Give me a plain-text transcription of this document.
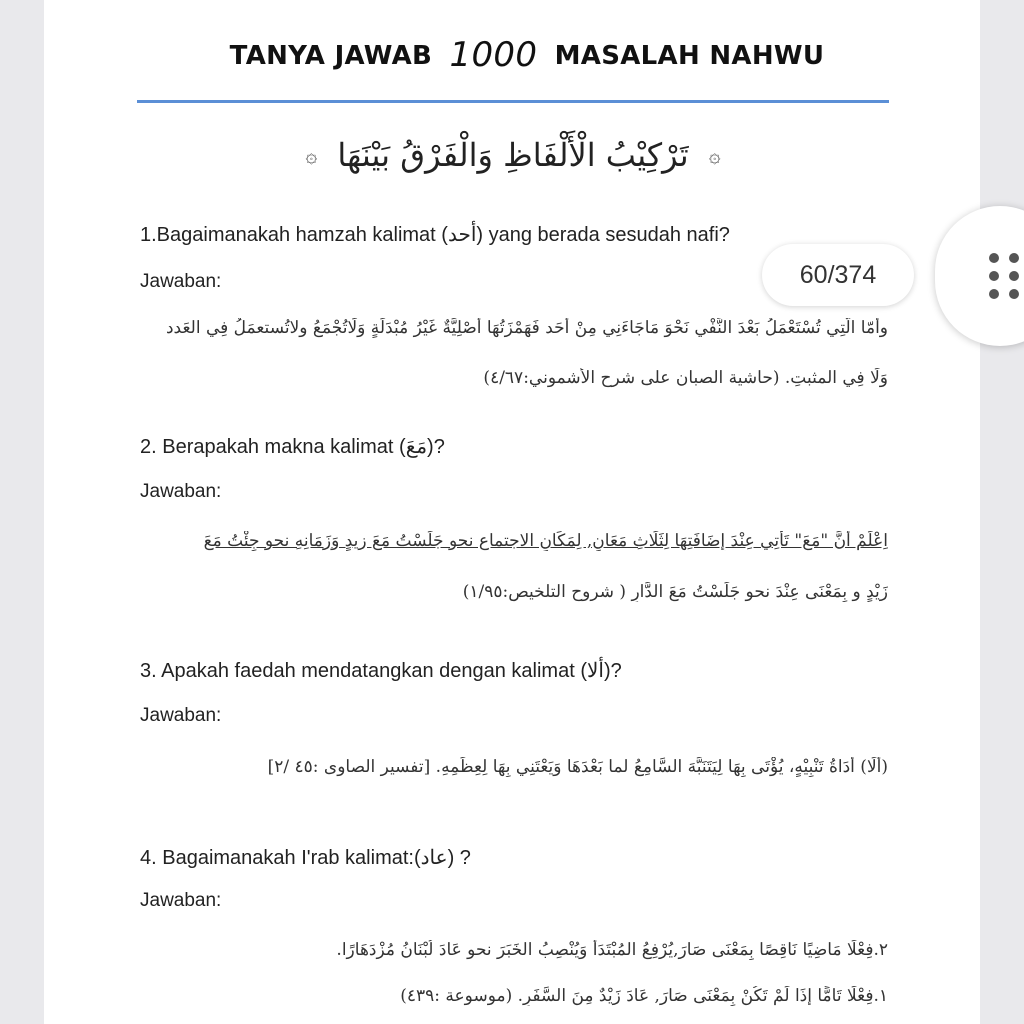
TANYA JAWAB 1000 MASALAH NAHWU
۞ تَرْكِيْبُ الْأَلْفَاظِ وَالْفَرْقُ بَيْنَهَا ۞
1.Bagaimanakah hamzah kalimat (أحد) yang berada sesudah nafi?
Jawaban:
وأمّا الّتِي تُسْتَعْمَلُ بَعْدَ النَّفْي نَحْوَ مَاجَاءَنِي مِنْ أَحَد فَهَمْزَتُهَا أَصْلِيَّةٌ غَيْرُ مُبْدَلَةٍ وَلَاتُجْمَعُ ولاتُستعمَلُ فِي العَدد
وَلَا فِي المثبتِ. (حاشية الصبان على شرح الأشموني:٤/٦٧)
2. Berapakah makna kalimat (مَعَ)?
Jawaban:
اِعْلَمْ أَنَّ "مَعَ" تَأْتِي عِنْدَ إِضَافَتِهَا لِثَلَاثِ مَعَانٍ, لِمَكَانِ الاجتماعِ نحو جَلَسْتُ مَعَ زيدٍ وَزَمَانِهِ نحو جِئْتُ مَعَ
زَيْدٍ و بِمَعْنَى عِنْدَ نحو جَلَسْتُ مَعَ الدَّارِ ( شروح التلخيص:١/٩٥)
3. Apakah faedah mendatangkan dengan kalimat (ألا)?
Jawaban:
(أَلَا) أَدَاةُ تَنْبِيْهٍ، يُؤْتَى بِهَا لِيَتَنَبَّهَ السَّامِعُ لما بَعْدَهَا وَيَعْتَنِي بِهَا لِعِظَمِهِ. [تفسير الصاوى :٤٥ /٢]
4. Bagaimanakah I'rab kalimat:(عاد) ?
Jawaban:
٢.فِعْلًا مَاضِيًا نَاقِصًا بِمَعْنَى صَارَ,يُرْفِعُ المُبْتَدَأَ وَيُنْصِبُ الخَبَرَ نحو عَادَ لُبْنَانُ مُزْدَهَارًا.
١.فِعْلًا تَامًّا إذَا لَمْ تَكُنْ بِمَعْنَى صَارَ, عَادَ زَيْدٌ مِنَ السَّفَرِ. (موسوعة :٤٣٩)
60/374
